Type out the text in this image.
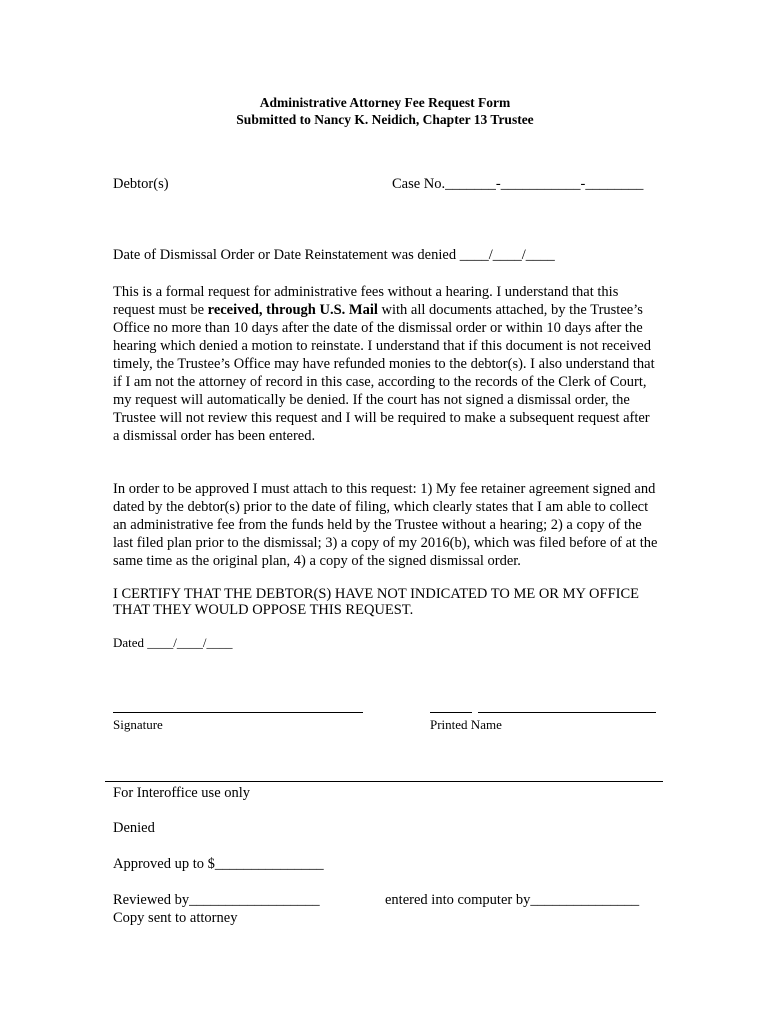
Administrative Attorney Fee Request Form
Submitted to Nancy K. Neidich, Chapter 13 Trustee
Debtor(s)	Case No._______-___________-________
Date of Dismissal Order or Date Reinstatement was denied ____/____/____

This is a formal request for administrative fees without a hearing. I understand that this request must be received, through U.S. Mail with all documents attached, by the Trustee’s Office no more than 10 days after the date of the dismissal order or within 10 days after the hearing which denied a motion to reinstate. I understand that if this document is not received timely, the Trustee’s Office may have refunded monies to the debtor(s). I also understand that if I am not the attorney of record in this case, according to the records of the Clerk of Court, my request will automatically be denied. If the court has not signed a dismissal order, the Trustee will not review this request and I will be required to make a subsequent request after a dismissal order has been entered.

In order to be approved I must attach to this request: 1) My fee retainer agreement signed and dated by the debtor(s) prior to the date of filing, which clearly states that I am able to collect an administrative fee from the funds held by the Trustee without a hearing; 2) a copy of the last filed plan prior to the dismissal; 3) a copy of my 2016(b), which was filed before of at the same time as the original plan, 4) a copy of the signed dismissal order.

I CERTIFY THAT THE DEBTOR(S) HAVE NOT INDICATED TO ME OR MY OFFICE THAT THEY WOULD OPPOSE THIS REQUEST.

Dated ____/____/____
Signature	Printed Name
For Interoffice use only
Denied
Approved up to $_______________
Reviewed by__________________	entered into computer by_______________
Copy sent to attorney
